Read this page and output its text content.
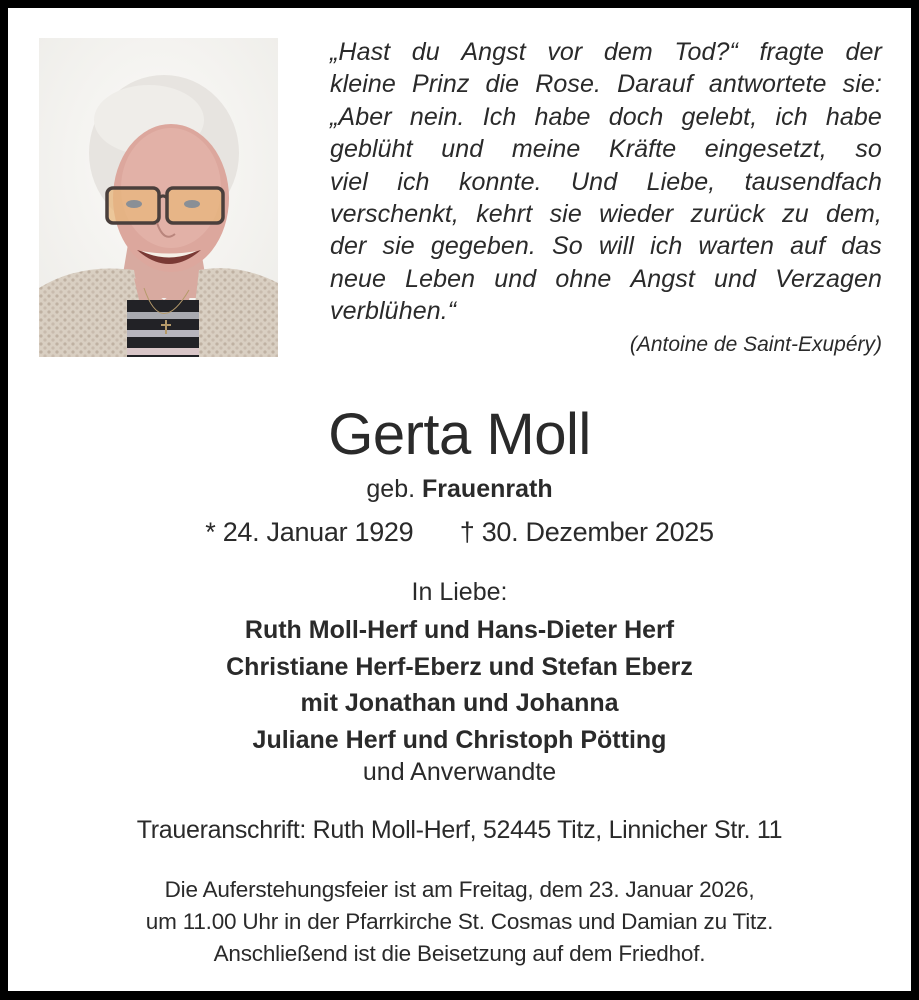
„Hast du Angst vor dem Tod?“ fragte der
kleine Prinz die Rose. Darauf antwortete sie:
„Aber nein. Ich habe doch gelebt, ich habe
geblüht und meine Kräfte eingesetzt, so
viel ich konnte. Und Liebe, tausendfach
verschenkt, kehrt sie wieder zurück zu dem,
der sie gegeben. So will ich warten auf das
neue Leben und ohne Angst und Verzagen
verblühen.“
(Antoine de Saint-Exupéry)
Gerta Moll
geb. Frauenrath
* 24. Januar 1929 † 30. Dezember 2025
In Liebe:
Ruth Moll-Herf und Hans-Dieter Herf
Christiane Herf-Eberz und Stefan Eberz
mit Jonathan und Johanna
Juliane Herf und Christoph Pötting
und Anverwandte
Traueranschrift: Ruth Moll-Herf, 52445 Titz, Linnicher Str. 11
Die Auferstehungsfeier ist am Freitag, dem 23. Januar 2026,
um 11.00 Uhr in der Pfarrkirche St. Cosmas und Damian zu Titz.
Anschließend ist die Beisetzung auf dem Friedhof.
